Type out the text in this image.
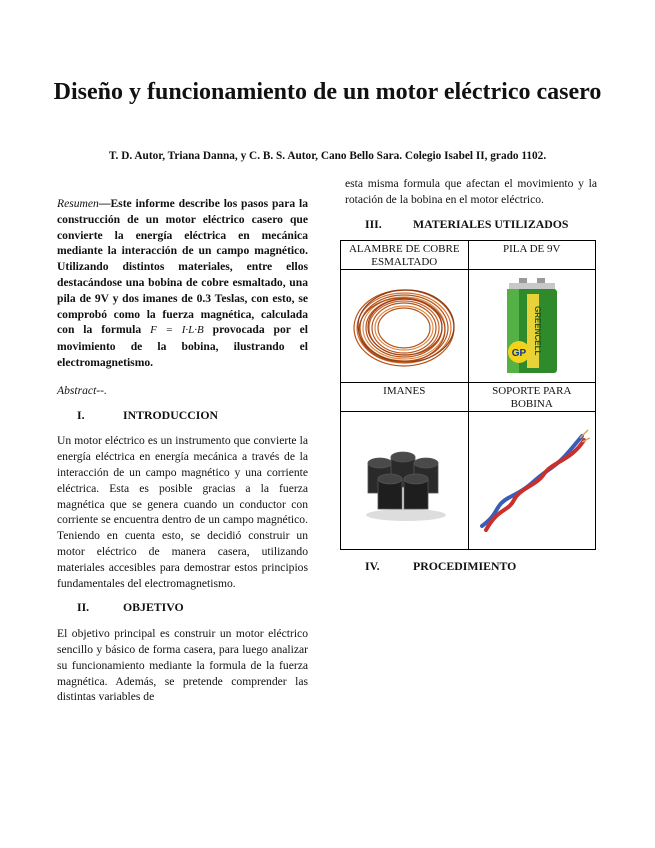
Diseño y funcionamiento de un motor eléctrico casero
T. D. Autor, Triana Danna, y C. B. S. Autor, Cano Bello Sara. Colegio Isabel II, grado 1102.

Resumen—Este informe describe los pasos para la construcción de un motor eléctrico casero que convierte la energía eléctrica en mecánica mediante la interacción de un campo magnético. Utilizando distintos materiales, entre ellos destacándose una bobina de cobre esmaltado, una pila de 9V y dos imanes de 0.3 Teslas, con esto, se comprobó como la fuerza magnética, calculada con la formula F = I·L·B provocada por el movimiento de la bobina, ilustrando el electromagnetismo.

Abstract--.

I.	INTRODUCCION

Un motor eléctrico es un instrumento que convierte la energía eléctrica en energía mecánica a través de la interacción de un campo magnético y una corriente eléctrica. Esta es posible gracias a la fuerza magnética que se genera cuando un conductor con corriente se encuentra dentro de un campo magnético. Teniendo en cuenta esto, se decidió construir un motor eléctrico de manera casera, utilizando materiales accesibles para demostrar estos principios fundamentales del electromagnetismo.

II.	OBJETIVO

El objetivo principal es construir un motor eléctrico sencillo y básico de forma casera, para luego analizar su funcionamiento mediante la formula de la fuerza magnética. Además, se pretende comprender las distintas variables de

esta misma formula que afectan el movimiento y la rotación de la bobina en el motor eléctrico.

III.	MATERIALES UTILIZADOS
ALAMBRE DE COBRE ESMALTADO	PILA DE 9V

GP GREENCELL

IMANES	SOPORTE PARA BOBINA

IV.	PROCEDIMIENTO
